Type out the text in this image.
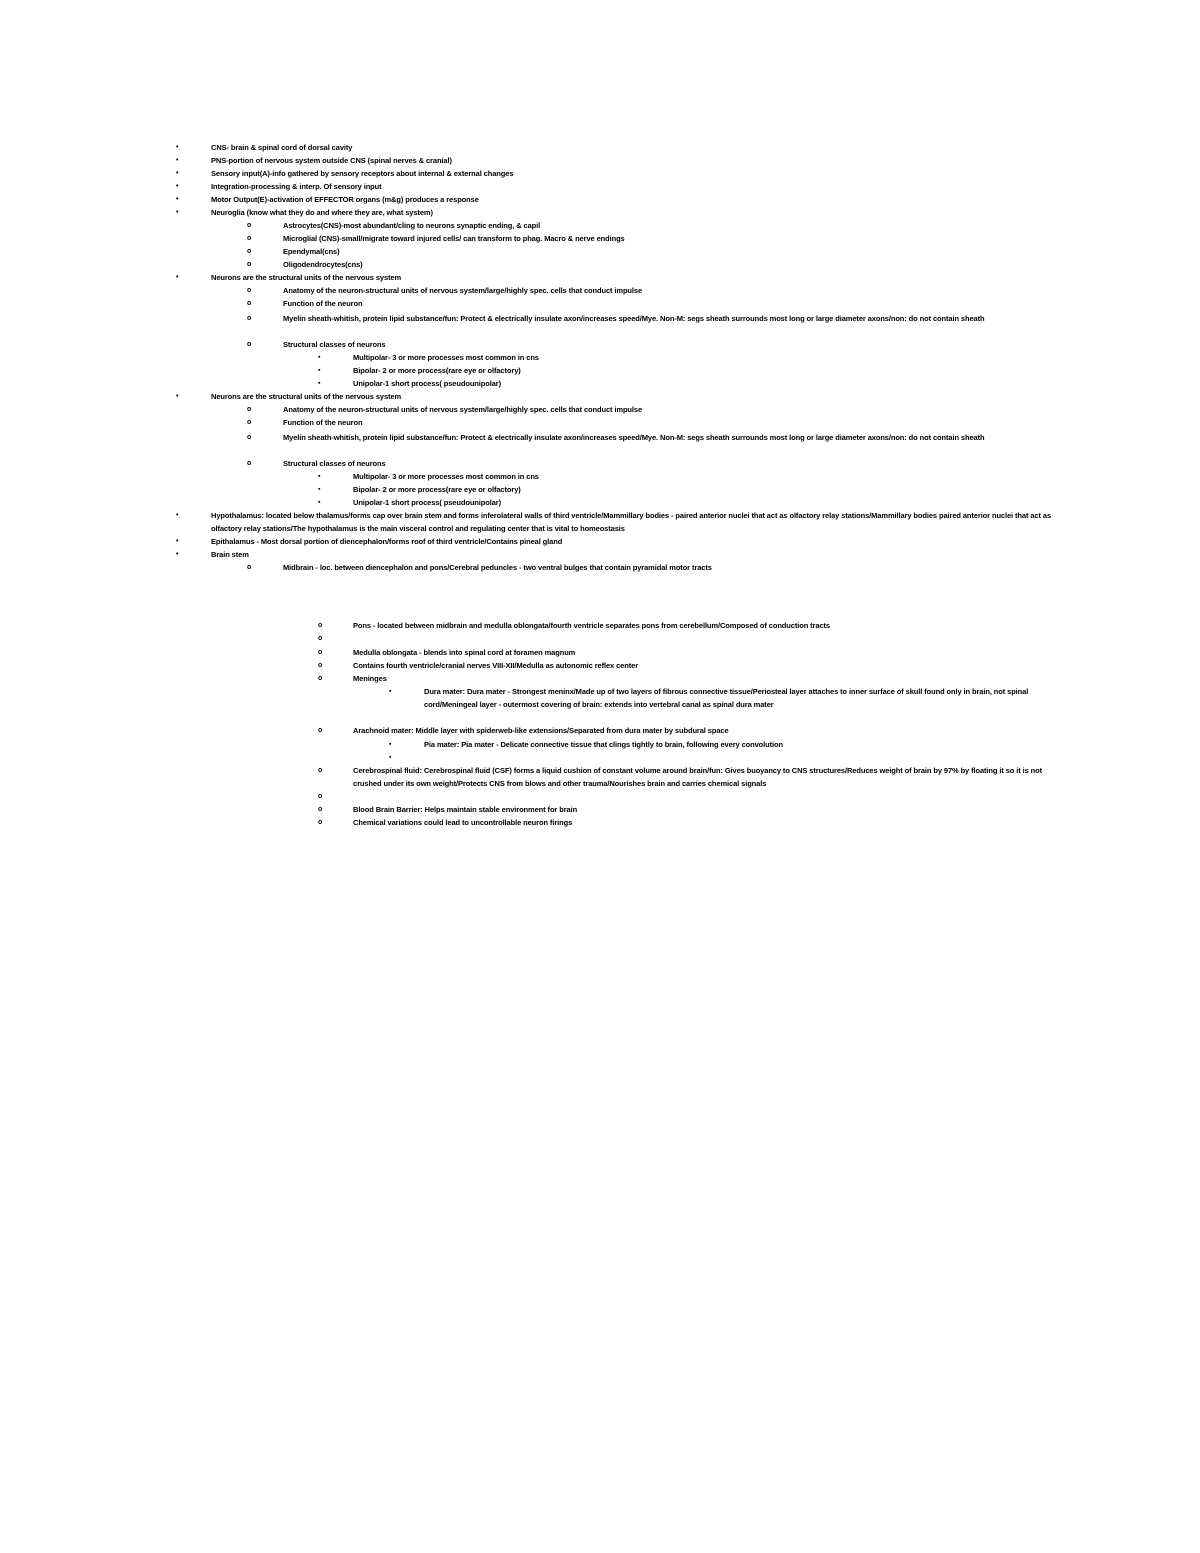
•	CNS- brain & spinal cord of dorsal cavity
•	PNS-portion of nervous system outside CNS (spinal nerves & cranial)
•	Sensory input(A)-info gathered by sensory receptors about internal & external changes
•	Integration-processing & interp. Of sensory input
•	Motor Output(E)-activation of EFFECTOR organs (m&g) produces a response
•	Neuroglia (know what they do and where they are, what system)
o	Astrocytes(CNS)-most abundant/cling to neurons synaptic ending, & capil
o	Microglial (CNS)-small/migrate toward injured cells/ can transform to phag. Macro & nerve endings
o	Ependymal(cns)
o	Oligodendrocytes(cns)
•	Neurons are the structural units of the nervous system
o	Anatomy of the neuron-structural units of nervous system/large/highly spec. cells that conduct impulse
o	Function of the neuron
o	Myelin sheath-whitish, protein lipid substance/fun: Protect & electrically insulate axon/increases speed/Mye. Non-M: segs sheath surrounds most long or large diameter axons/non: do not contain sheath
o	Structural classes of neurons
▪	Multipolar- 3 or more processes most common in cns
▪	Bipolar- 2 or more process(rare eye or olfactory)
▪	Unipolar-1 short process( pseudounipolar)
•	Neurons are the structural units of the nervous system
o	Anatomy of the neuron-structural units of nervous system/large/highly spec. cells that conduct impulse
o	Function of the neuron
o	Myelin sheath-whitish, protein lipid substance/fun: Protect & electrically insulate axon/increases speed/Mye. Non-M: segs sheath surrounds most long or large diameter axons/non: do not contain sheath
o	Structural classes of neurons
▪	Multipolar- 3 or more processes most common in cns
▪	Bipolar- 2 or more process(rare eye or olfactory)
▪	Unipolar-1 short process( pseudounipolar)
•	Hypothalamus: located below thalamus/forms cap over brain stem and forms inferolateral walls of third ventricle/Mammillary bodies - paired anterior nuclei that act as olfactory relay stations/Mammillary bodies paired anterior nuclei that act as olfactory relay stations/The hypothalamus is the main visceral control and regulating center that is vital to homeostasis
•	Epithalamus - Most dorsal portion of diencephalon/forms roof of third ventricle/Contains pineal gland
•	Brain stem
o	Midbrain - loc. between diencephalon and pons/Cerebral peduncles - two ventral bulges that contain pyramidal motor tracts
o	Pons - located between midbrain and medulla oblongata/fourth ventricle separates pons from cerebellum/Composed of conduction tracts
o
o	Medulla oblongata - blends into spinal cord at foramen magnum
o	Contains fourth ventricle/cranial nerves VIII-XII/Medulla as autonomic reflex center
o	Meninges
▪	Dura mater: Dura mater - Strongest meninx/Made up of two layers of fibrous connective tissue/Periosteal layer attaches to inner surface of skull found only in brain, not spinal cord/Meningeal layer - outermost covering of brain: extends into vertebral canal as spinal dura mater
o	Arachnoid mater: Middle layer with spiderweb-like extensions/Separated from dura mater by subdural space
▪	Pia mater: Pia mater - Delicate connective tissue that clings tightly to brain, following every convolution
▪
o	Cerebrospinal fluid: Cerebrospinal fluid (CSF) forms a liquid cushion of constant volume around brain/fun: Gives buoyancy to CNS structures/Reduces weight of brain by 97% by floating it so it is not crushed under its own weight/Protects CNS from blows and other trauma/Nourishes brain and carries chemical signals
o
o	Blood Brain Barrier: Helps maintain stable environment for brain
o	Chemical variations could lead to uncontrollable neuron firings
